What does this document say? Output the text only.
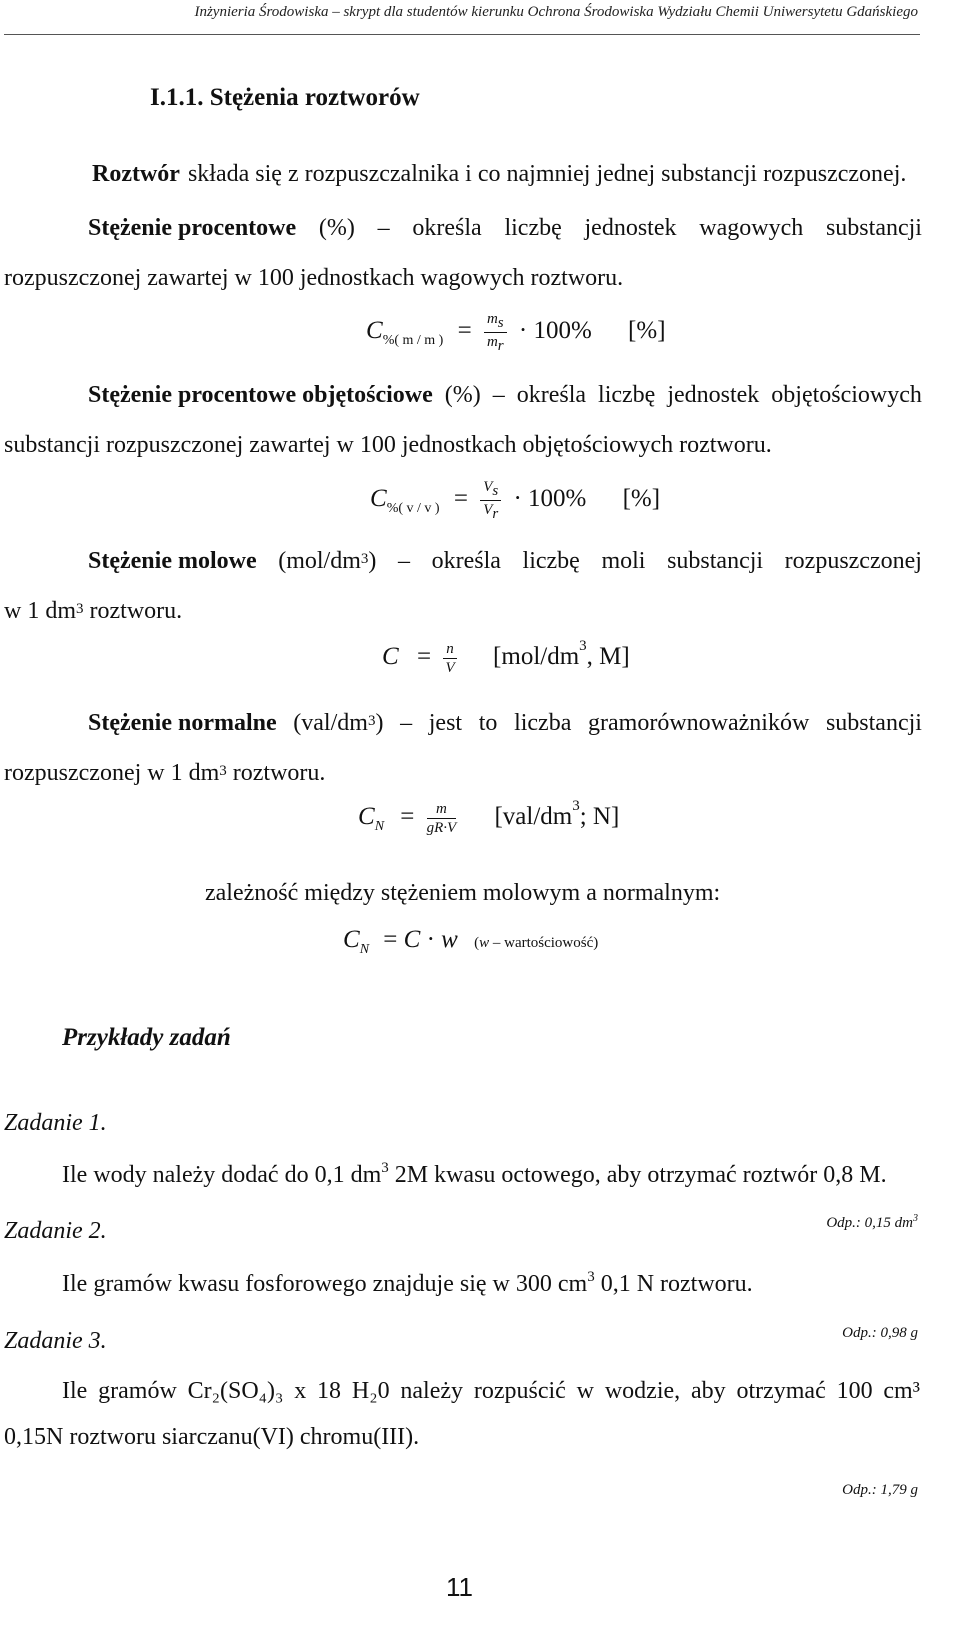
Inżynieria Środowiska – skrypt dla studentów kierunku Ochrona Środowiska Wydziału Chemii Uniwersytetu Gdańskiego
I.1.1. Stężenia roztworów
Roztwór składa się z rozpuszczalnika i co najmniej jednej substancji rozpuszczonej.
Stężenie procentowe (%) – określa liczbę jednostek wagowych substancji
rozpuszczonej zawartej w 100 jednostkach wagowych roztworu.
$C_{\%( m / m )} = \frac{m_s}{m_r} \cdot 100\%$ [%]
Stężenie procentowe objętościowe (%) – określa liczbę jednostek objętościowych
substancji rozpuszczonej zawartej w 100 jednostkach objętościowych roztworu.
$C_{\%( v / v )} = \frac{V_s}{V_r} \cdot 100\%$ [%]
Stężenie molowe $(mol/dm^3)$ – określa liczbę moli substancji rozpuszczonej
w 1 $dm^3$ roztworu.
$C = \frac{n}{V} [mol/dm^3$, M]
Stężenie normalne $(val/dm^3)$ – jest to liczba gramorównoważników substancji
rozpuszczonej w 1 $dm^3$ roztworu.
$C_N = \frac{m}{gR\cdot V} [val/dm^3$; N]
zależność między stężeniem molowym a normalnym:
$C_N = C \cdot w$ (w – wartościowość)
Przykłady zadań
Zadanie 1.
Ile wody należy dodać do 0,1 $dm^3$ 2M kwasu octowego, aby otrzymać roztwór 0,8 M.
Odp.: 0,15 $dm^3$
Zadanie 2.
Ile gramów kwasu fosforowego znajduje się w 300 $cm^3$ 0,1 N roztworu.
Odp.: 0,98 g
Zadanie 3.
Ile gramów Cr₂(SO₄)₃ x 18 H₂0 należy rozpuścić w wodzie, aby otrzymać 100 cm³
0,15N roztworu siarczanu(VI) chromu(III).
Odp.: 1,79 g
11
